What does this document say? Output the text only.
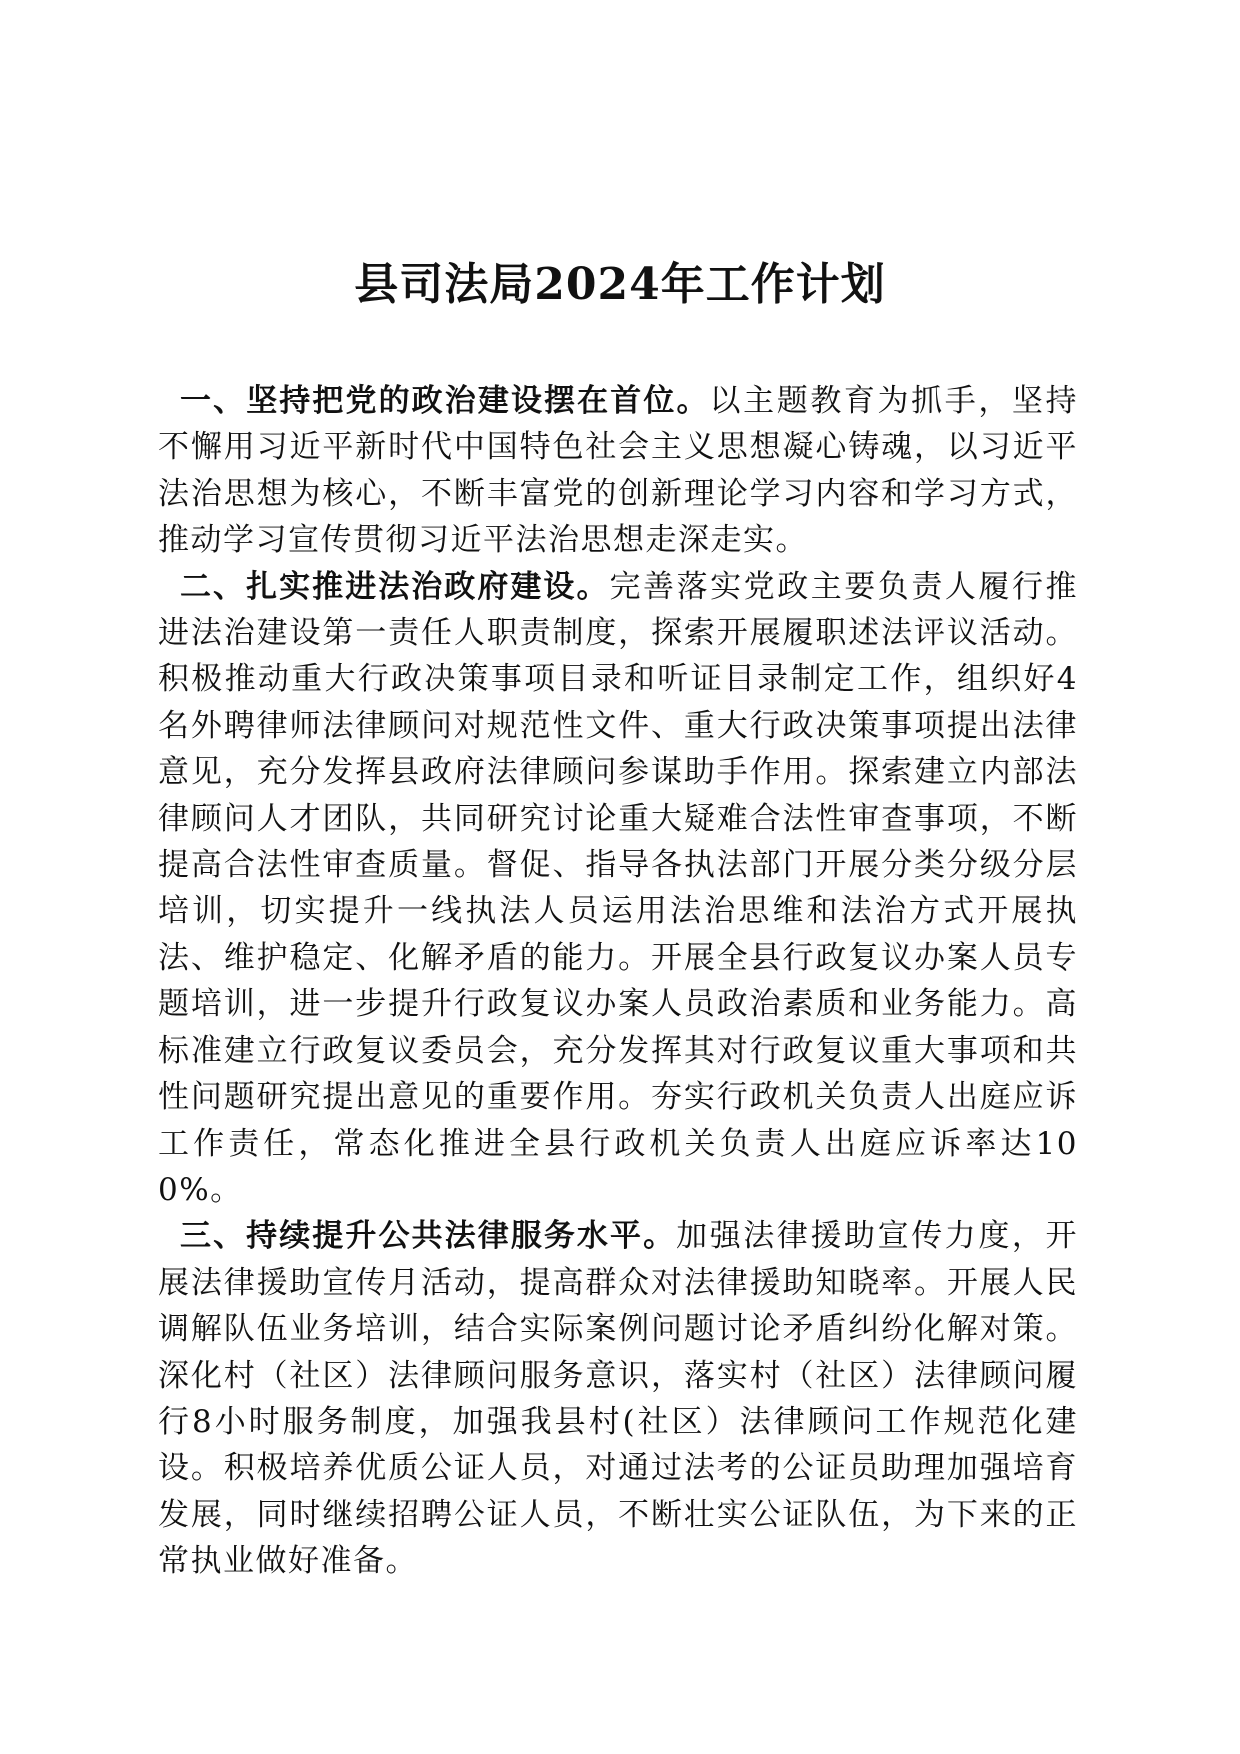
县司法局2024年工作计划

一、坚持把党的政治建设摆在首位。以主题教育为抓手，坚持不懈用习近平新时代中国特色社会主义思想凝心铸魂，以习近平法治思想为核心，不断丰富党的创新理论学习内容和学习方式，推动学习宣传贯彻习近平法治思想走深走实。

二、扎实推进法治政府建设。完善落实党政主要负责人履行推进法治建设第一责任人职责制度，探索开展履职述法评议活动。积极推动重大行政决策事项目录和听证目录制定工作，组织好4名外聘律师法律顾问对规范性文件、重大行政决策事项提出法律意见，充分发挥县政府法律顾问参谋助手作用。探索建立内部法律顾问人才团队，共同研究讨论重大疑难合法性审查事项，不断提高合法性审查质量。督促、指导各执法部门开展分类分级分层培训，切实提升一线执法人员运用法治思维和法治方式开展执法、维护稳定、化解矛盾的能力。开展全县行政复议办案人员专题培训，进一步提升行政复议办案人员政治素质和业务能力。高标准建立行政复议委员会，充分发挥其对行政复议重大事项和共性问题研究提出意见的重要作用。夯实行政机关负责人出庭应诉工作责任，常态化推进全县行政机关负责人出庭应诉率达100%。

三、持续提升公共法律服务水平。加强法律援助宣传力度，开展法律援助宣传月活动，提高群众对法律援助知晓率。开展人民调解队伍业务培训，结合实际案例问题讨论矛盾纠纷化解对策。深化村（社区）法律顾问服务意识，落实村（社区）法律顾问履行8小时服务制度，加强我县村(社区）法律顾问工作规范化建设。积极培养优质公证人员，对通过法考的公证员助理加强培育发展，同时继续招聘公证人员，不断壮实公证队伍，为下来的正常执业做好准备。
